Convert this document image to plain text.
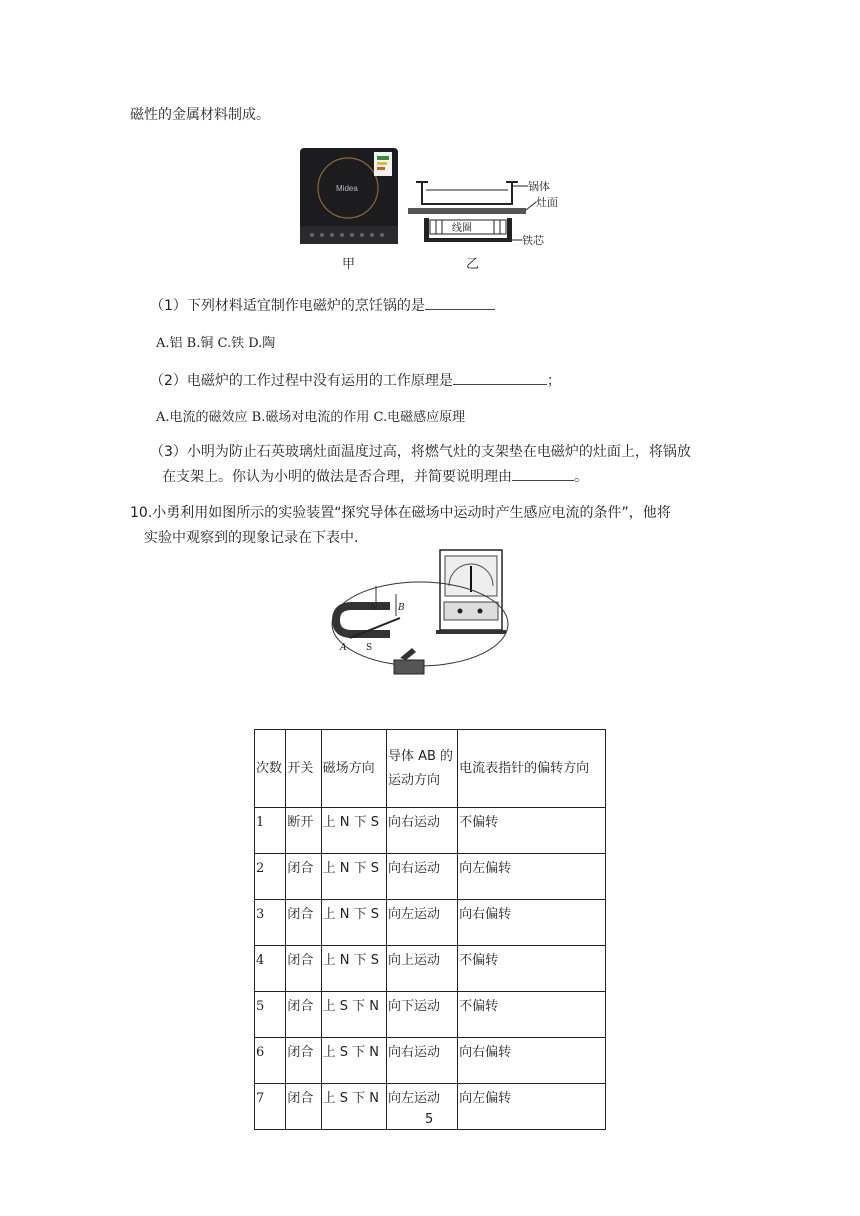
磁性的金属材料制成。
Midea
甲
线圈
锅体
灶面
铁芯
乙
（1）下列材料适宜制作电磁炉的烹饪锅的是
A.铝 B.铜 C.铁 D.陶
（2）电磁炉的工作过程中没有运用的工作原理是	；
A.电流的磁效应 B.磁场对电流的作用 C.电磁感应原理
（3）小明为防止石英玻璃灶面温度过高，将燃气灶的支架垫在电磁炉的灶面上，将锅放
在支架上。你认为小明的做法是否合理，并简要说明理由	。
10.小勇利用如图所示的实验装置“探究导体在磁场中运动时产生感应电流的条件”，他将
实验中观察到的现象记录在下表中.
N B
A S
次数	开关	磁场方向	导体 AB 的
运动方向	电流表指针的偏转方向
1	断开	上 N 下 S	向右运动	不偏转
2	闭合	上 N 下 S	向右运动	向左偏转
3	闭合	上 N 下 S	向左运动	向右偏转
4	闭合	上 N 下 S	向上运动	不偏转
5	闭合	上 S 下 N	向下运动	不偏转
6	闭合	上 S 下 N	向右运动	向右偏转
7	闭合	上 S 下 N	向左运动	向左偏转
5
